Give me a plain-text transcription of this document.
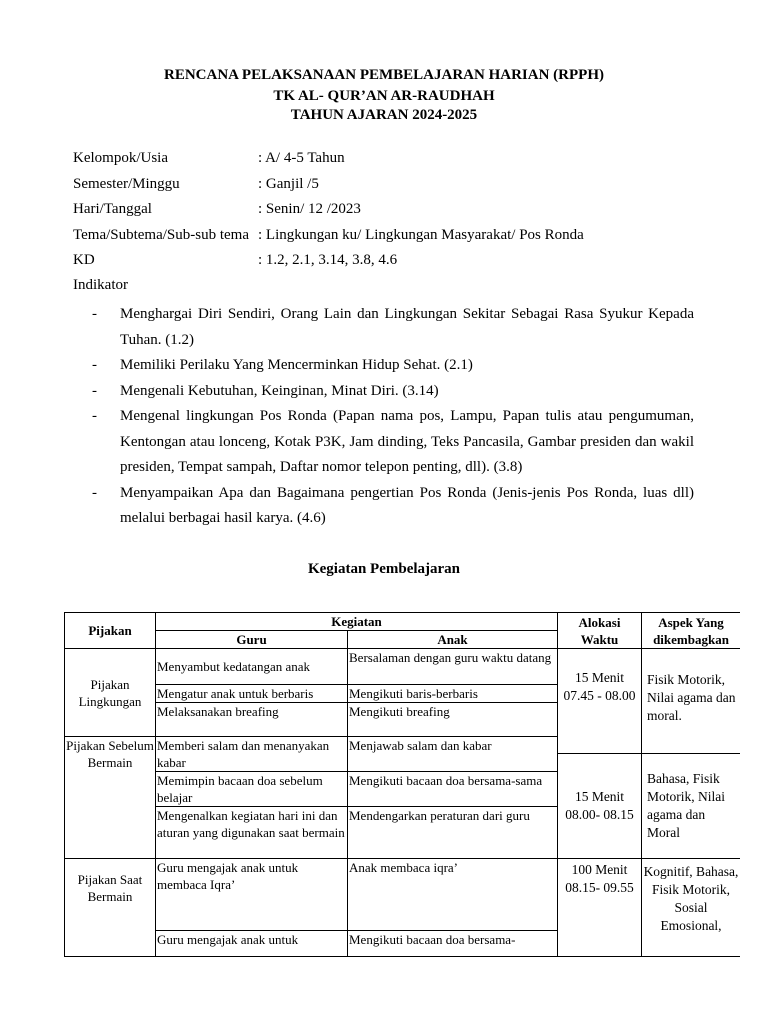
RENCANA PELAKSANAAN PEMBELAJARAN HARIAN (RPPH)
TK AL- QUR’AN AR-RAUDHAH
TAHUN AJARAN 2024-2025
Kelompok/Usia	: A/ 4-5 Tahun
Semester/Minggu	: Ganjil /5
Hari/Tanggal	: Senin/ 12 /2023
Tema/Subtema/Sub-sub tema : Lingkungan ku/ Lingkungan Masyarakat/ Pos Ronda
KD	: 1.2, 2.1, 3.14, 3.8, 4.6
Indikator
- Menghargai Diri Sendiri, Orang Lain dan Lingkungan Sekitar Sebagai Rasa Syukur Kepada Tuhan. (1.2)
- Memiliki Perilaku Yang Mencerminkan Hidup Sehat. (2.1)
- Mengenali Kebutuhan, Keinginan, Minat Diri. (3.14)
- Mengenal lingkungan Pos Ronda (Papan nama pos, Lampu, Papan tulis atau pengumuman, Kentongan atau lonceng, Kotak P3K, Jam dinding, Teks Pancasila, Gambar presiden dan wakil presiden, Tempat sampah, Daftar nomor telepon penting, dll). (3.8)
- Menyampaikan Apa dan Bagaimana pengertian Pos Ronda (Jenis-jenis Pos Ronda, luas dll) melalui berbagai hasil karya. (4.6)
Kegiatan Pembelajaran
Pijakan	Kegiatan		Alokasi Waktu	Aspek Yang dikembagkan
	Guru	Anak		
Pijakan Lingkungan	Menyambut kedatangan anak	Bersalaman dengan guru waktu datang	15 Menit 07.45 - 08.00	Fisik Motorik, Nilai agama dan moral.
	Mengatur anak untuk berbaris	Mengikuti baris-berbaris		
	Melaksanakan breafing	Mengikuti breafing		
Pijakan Sebelum Bermain	Memberi salam dan menanyakan kabar	Menjawab salam dan kabar		
			15 Menit 08.00- 08.15	Bahasa, Fisik Motorik, Nilai agama dan Moral
	Memimpin bacaan doa sebelum belajar	Mengikuti bacaan doa bersama-sama		
	Mengenalkan kegiatan hari ini dan aturan yang digunakan saat bermain	Mendengarkan peraturan dari guru		
Pijakan Saat Bermain	Guru mengajak anak untuk membaca Iqra’	Anak membaca iqra’	100 Menit 08.15- 09.55	Kognitif, Bahasa, Fisik Motorik, Sosial Emosional,
	Guru mengajak anak untuk	Mengikuti bacaan doa bersama-		
